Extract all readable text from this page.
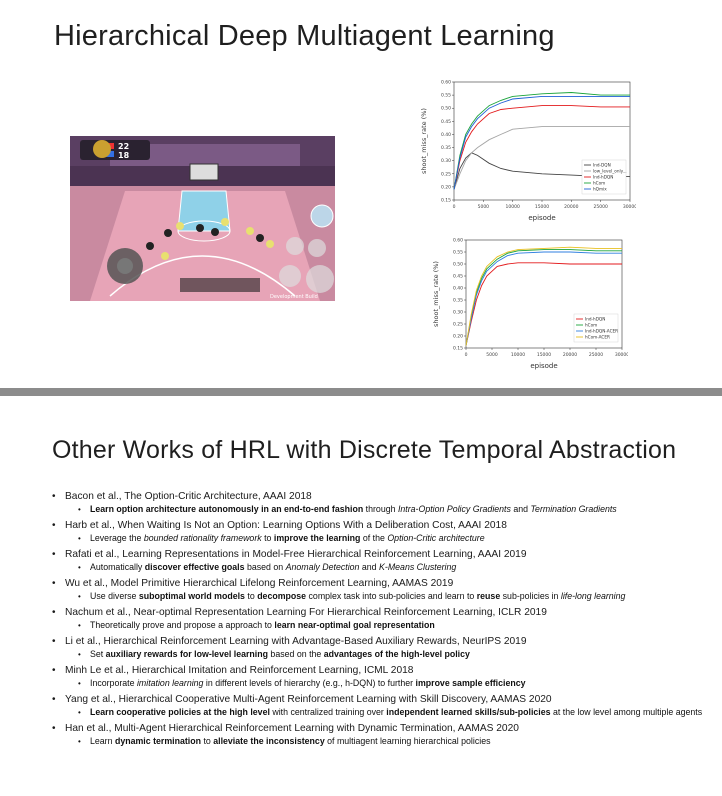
Hierarchical Deep Multiagent Learning
22
18
Development Build
0.15
0.20
0.25
0.30
0.35
0.40
0.45
0.50
0.55
0.60
0	5000	10000	15000	20000	25000	30000
episode
shoot_miss_rate (%)	Ind-DQN
low_level_only...
Ind-hDQN
hCom
hQmix
0.15
0.20
0.25
0.30
0.35
0.40
0.45
0.50
0.55
0.60
0	5000	10000	15000	20000	25000	30000
episode
shoot_miss_rate (%)	Ind-hDQN
hCom
Ind-hDQN-ACER
hCom-ACER
Other Works of HRL with Discrete Temporal Abstraction
• Bacon et al., The Option-Critic Architecture, AAAI 2018
• Learn option architecture autonomously in an end-to-end fashion through Intra-Option Policy Gradients and Termination Gradients
• Harb et al., When Waiting Is Not an Option: Learning Options With a Deliberation Cost, AAAI 2018
• Leverage the bounded rationality framework to improve the learning of the Option-Critic architecture
• Rafati et al., Learning Representations in Model-Free Hierarchical Reinforcement Learning, AAAI 2019
• Automatically discover effective goals based on Anomaly Detection and K-Means Clustering
• Wu et al., Model Primitive Hierarchical Lifelong Reinforcement Learning, AAMAS 2019
• Use diverse suboptimal world models to decompose complex task into sub-policies and learn to reuse sub-policies in life-long learning
• Nachum et al., Near-optimal Representation Learning For Hierarchical Reinforcement Learning, ICLR 2019
• Theoretically prove and propose a approach to learn near-optimal goal representation
• Li et al., Hierarchical Reinforcement Learning with Advantage-Based Auxiliary Rewards, NeurIPS 2019
• Set auxiliary rewards for low-level learning based on the advantages of the high-level policy
• Minh Le et al., Hierarchical Imitation and Reinforcement Learning, ICML 2018
• Incorporate imitation learning in different levels of hierarchy (e.g., h-DQN) to further improve sample efficiency
• Yang et al., Hierarchical Cooperative Multi-Agent Reinforcement Learning with Skill Discovery, AAMAS 2020
• Learn cooperative policies at the high level with centralized training over independent learned skills/sub-policies at the low level among multiple agents
• Han et al., Multi-Agent Hierarchical Reinforcement Learning with Dynamic Termination, AAMAS 2020
• Learn dynamic termination to alleviate the inconsistency of multiagent learning hierarchical policies
